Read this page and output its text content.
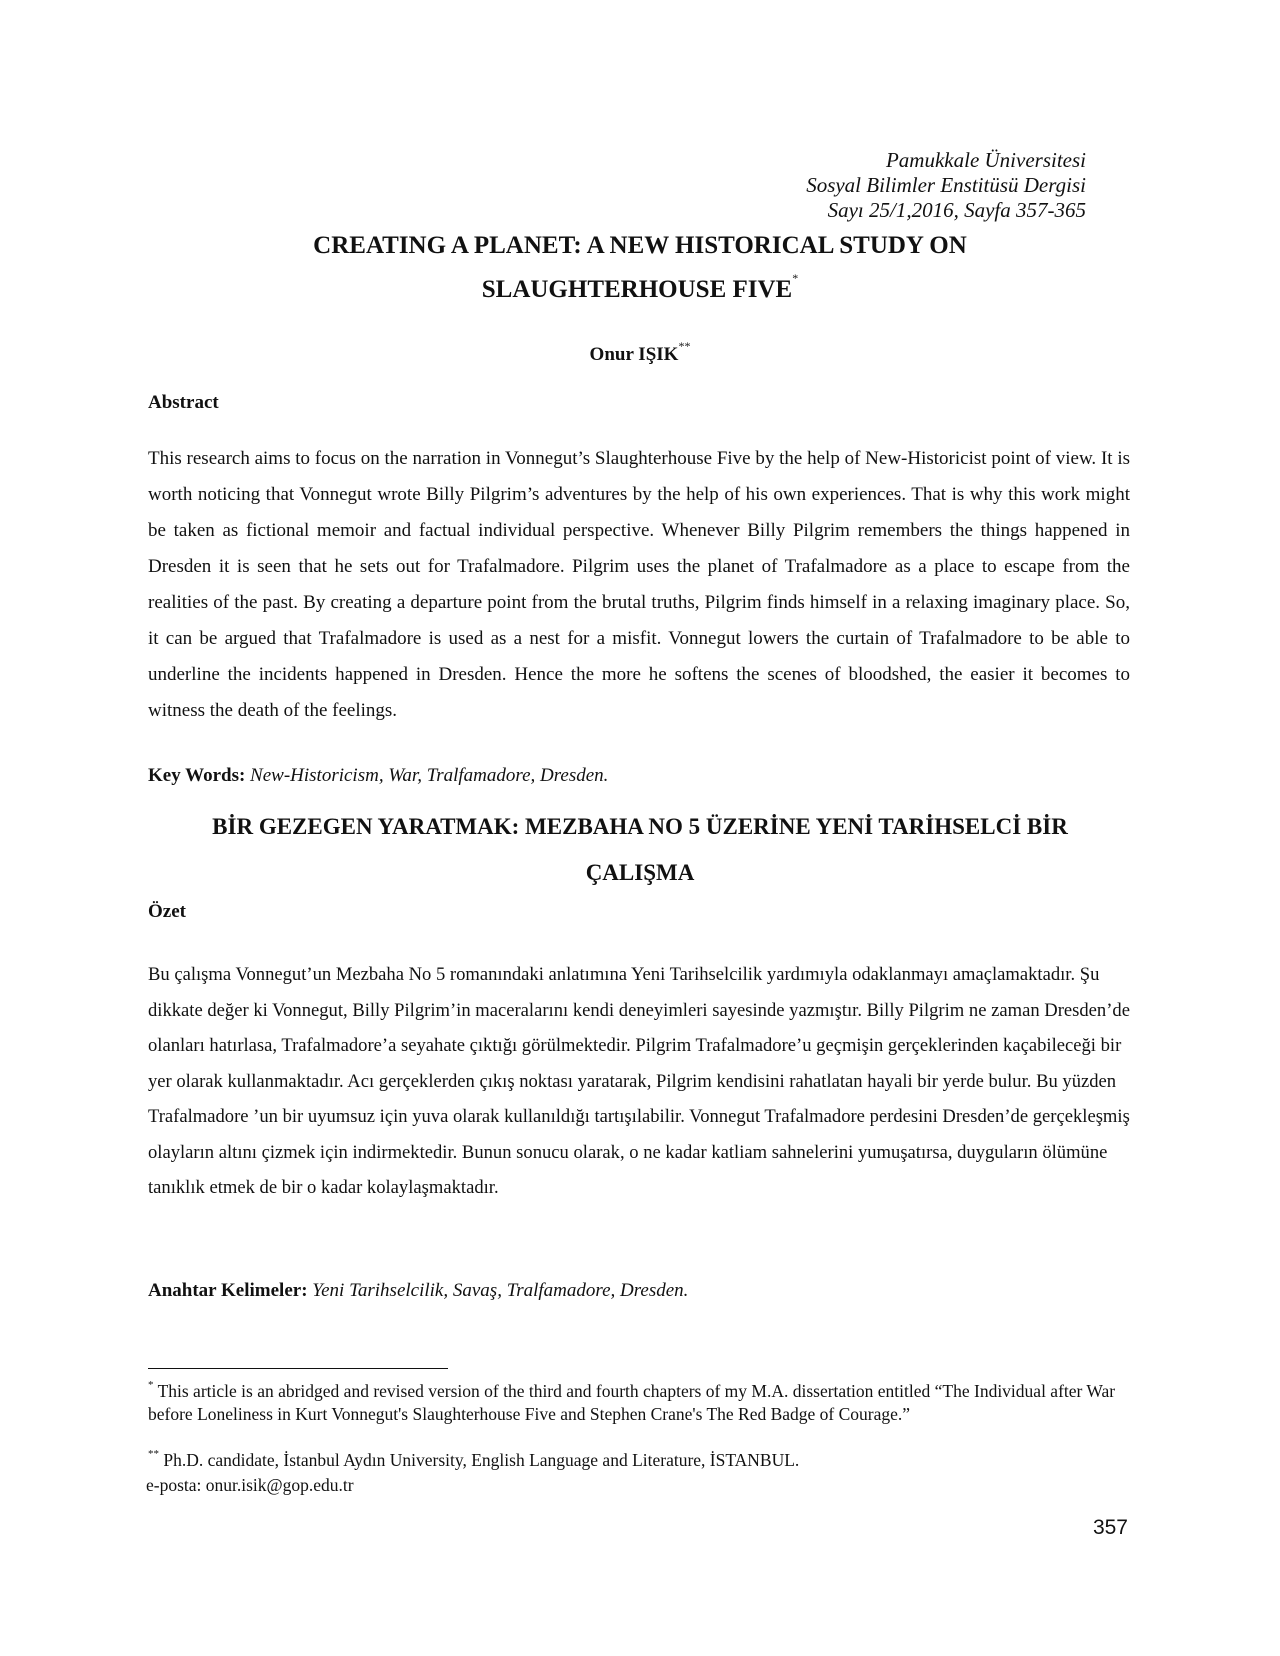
Pamukkale Üniversitesi
Sosyal Bilimler Enstitüsü Dergisi
Sayı 25/1,2016, Sayfa 357-365
CREATING A PLANET: A NEW HISTORICAL STUDY ON
SLAUGHTERHOUSE FIVE*
Onur IŞIK**
Abstract

This research aims to focus on the narration in Vonnegut’s Slaughterhouse Five by the help of New-Historicist point of view. It is worth noticing that Vonnegut wrote Billy Pilgrim’s adventures by the help of his own experiences. That is why this work might be taken as fictional memoir and factual individual perspective. Whenever Billy Pilgrim remembers the things happened in Dresden it is seen that he sets out for Trafalmadore. Pilgrim uses the planet of Trafalmadore as a place to escape from the realities of the past. By creating a departure point from the brutal truths, Pilgrim finds himself in a relaxing imaginary place. So, it can be argued that Trafalmadore is used as a nest for a misfit. Vonnegut lowers the curtain of Trafalmadore to be able to underline the incidents happened in Dresden. Hence the more he softens the scenes of bloodshed, the easier it becomes to witness the death of the feelings.

Key Words: New-Historicism, War, Tralfamadore, Dresden.
BİR GEZEGEN YARATMAK: MEZBAHA NO 5 ÜZERİNE YENİ TARİHSELCİ BİR
ÇALIŞMA
Özet

Bu çalışma Vonnegut’un Mezbaha No 5 romanındaki anlatımına Yeni Tarihselcilik yardımıyla odaklanmayı amaçlamaktadır. Şu dikkate değer ki Vonnegut, Billy Pilgrim’in maceralarını kendi deneyimleri sayesinde yazmıştır. Billy Pilgrim ne zaman Dresden’de olanları hatırlasa, Trafalmadore’a seyahate çıktığı görülmektedir. Pilgrim Trafalmadore’u geçmişin gerçeklerinden kaçabileceği bir yer olarak kullanmaktadır. Acı gerçeklerden çıkış noktası yaratarak, Pilgrim kendisini rahatlatan hayali bir yerde bulur. Bu yüzden Trafalmadore ’un bir uyumsuz için yuva olarak kullanıldığı tartışılabilir. Vonnegut Trafalmadore perdesini Dresden’de gerçekleşmiş olayların altını çizmek için indirmektedir. Bunun sonucu olarak, o ne kadar katliam sahnelerini yumuşatırsa, duyguların ölümüne tanıklık etmek de bir o kadar kolaylaşmaktadır.

Anahtar Kelimeler: Yeni Tarihselcilik, Savaş, Tralfamadore, Dresden.

* This article is an abridged and revised version of the third and fourth chapters of my M.A. dissertation entitled “The Individual after War before Loneliness in Kurt Vonnegut's Slaughterhouse Five and Stephen Crane's The Red Badge of Courage.”

** Ph.D. candidate, İstanbul Aydın University, English Language and Literature, İSTANBUL.

e-posta: onur.isik@gop.edu.tr

357
